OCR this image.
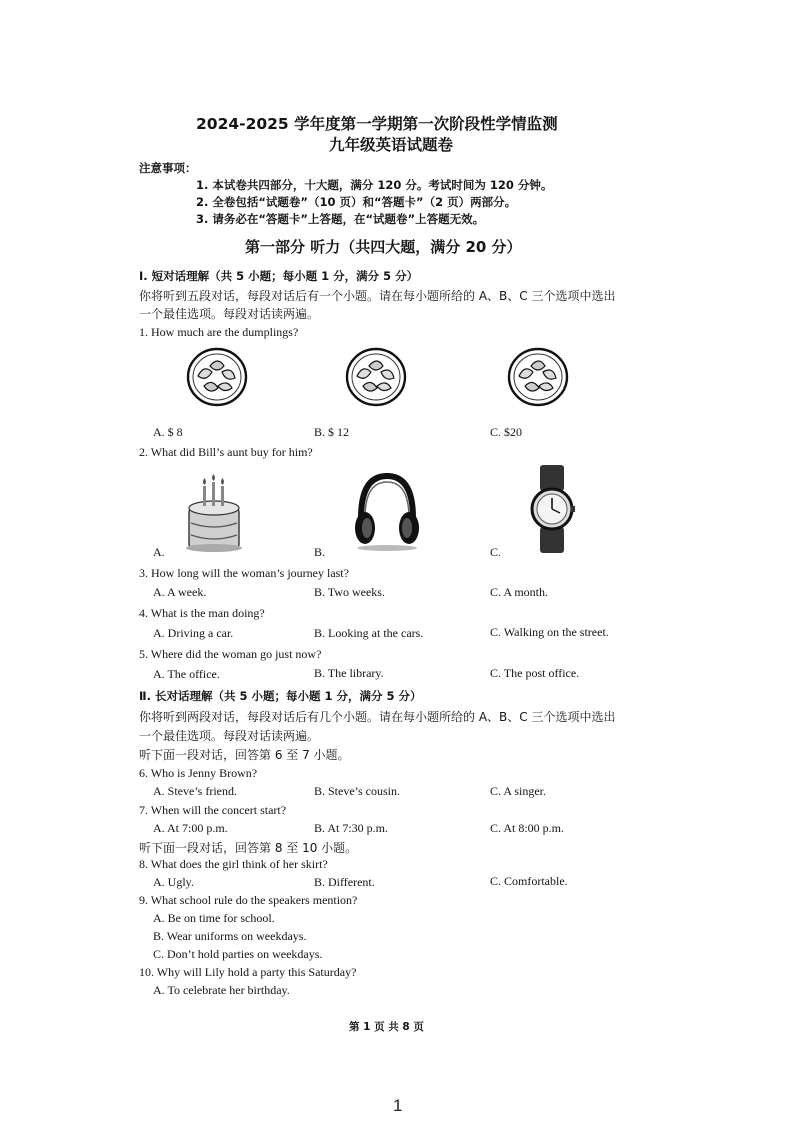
2024-2025 学年度第一学期第一次阶段性学情监测
九年级英语试题卷
注意事项：
1. 本试卷共四部分，十大题，满分 120 分。考试时间为 120 分钟。
2. 全卷包括“试题卷”（10 页）和“答题卡”（2 页）两部分。
3. 请务必在“答题卡”上答题，在“试题卷”上答题无效。
第一部分 听力（共四大题，满分 20 分）
Ⅰ. 短对话理解（共 5 小题；每小题 1 分，满分 5 分）
你将听到五段对话，每段对话后有一个小题。请在每小题所给的 A、B、C 三个选项中选出
一个最佳选项。每段对话读两遍。
1. How much are the dumplings?
A. $ 8	B. $ 12	C. $20
2. What did Bill’s aunt buy for him?
A.	B.	C.
3. How long will the woman’s journey last?
A. A week.	B. Two weeks.	C. A month.
4. What is the man doing?
A. Driving a car.	B. Looking at the cars.	C. Walking on the street.
5. Where did the woman go just now?
A. The office.	B. The library.	C. The post office.
Ⅱ. 长对话理解（共 5 小题；每小题 1 分，满分 5 分）
你将听到两段对话，每段对话后有几个小题。请在每小题所给的 A、B、C 三个选项中选出
一个最佳选项。每段对话读两遍。
听下面一段对话，回答第 6 至 7 小题。
6. Who is Jenny Brown?
A. Steve’s friend.	B. Steve’s cousin.	C. A singer.
7. When will the concert start?
A. At 7:00 p.m.	B. At 7:30 p.m.	C. At 8:00 p.m.
听下面一段对话，回答第 8 至 10 小题。
8. What does the girl think of her skirt?
A. Ugly.	B. Different.	C. Comfortable.
9. What school rule do the speakers mention?
A. Be on time for school.
B. Wear uniforms on weekdays.
C. Don’t hold parties on weekdays.
10. Why will Lily hold a party this Saturday?
A. To celebrate her birthday.
第 1 页 共 8 页
1
